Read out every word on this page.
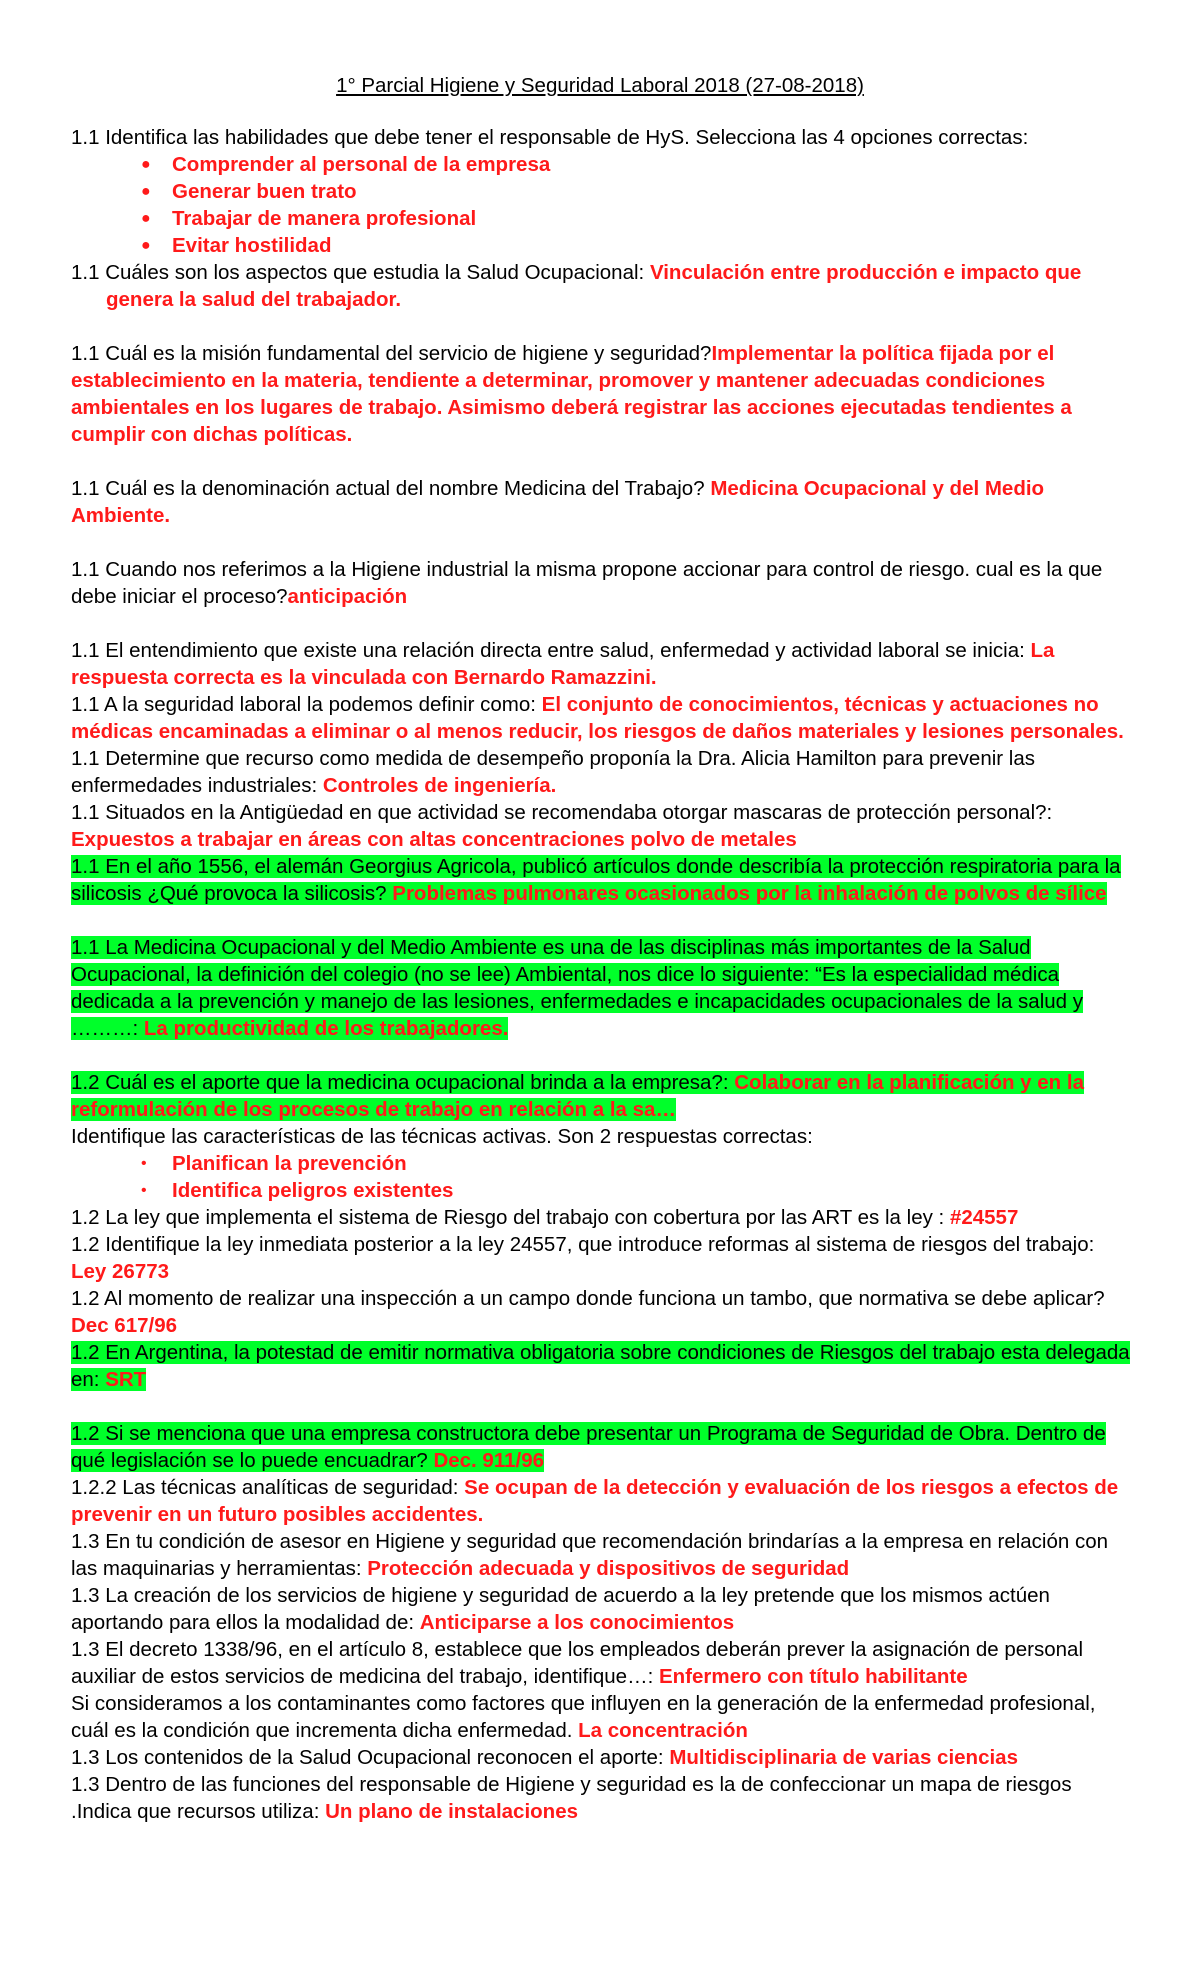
1° Parcial Higiene y Seguridad Laboral 2018 (27-08-2018)

1.1 Identifica las habilidades que debe tener el responsable de HyS. Selecciona las 4 opciones correctas:

● Comprender al personal de la empresa
● Generar buen trato
● Trabajar de manera profesional
● Evitar hostilidad

1.1 Cuáles son los aspectos que estudia la Salud Ocupacional: Vinculación entre producción e impacto que genera la salud del trabajador.

1.1 Cuál es la misión fundamental del servicio de higiene y seguridad?Implementar la política fijada por el establecimiento en la materia, tendiente a determinar, promover y mantener adecuadas condiciones ambientales en los lugares de trabajo. Asimismo deberá registrar las acciones ejecutadas tendientes a cumplir con dichas políticas.

1.1 Cuál es la denominación actual del nombre Medicina del Trabajo? Medicina Ocupacional y del Medio Ambiente.

1.1 Cuando nos referimos a la Higiene industrial la misma propone accionar para control de riesgo. cual es la que debe iniciar el proceso?anticipación

1.1 El entendimiento que existe una relación directa entre salud, enfermedad y actividad laboral se inicia: La respuesta correcta es la vinculada con Bernardo Ramazzini.

1.1 A la seguridad laboral la podemos definir como: El conjunto de conocimientos, técnicas y actuaciones no médicas encaminadas a eliminar o al menos reducir, los riesgos de daños materiales y lesiones personales.

1.1 Determine que recurso como medida de desempeño proponía la Dra. Alicia Hamilton para prevenir las enfermedades industriales: Controles de ingeniería.

1.1 Situados en la Antigüedad en que actividad se recomendaba otorgar mascaras de protección personal?: Expuestos a trabajar en áreas con altas concentraciones polvo de metales

1.1 En el año 1556, el alemán Georgius Agricola, publicó artículos donde describía la protección respiratoria para la silicosis ¿Qué provoca la silicosis? Problemas pulmonares ocasionados por la inhalación de polvos de sílice

1.1 La Medicina Ocupacional y del Medio Ambiente es una de las disciplinas más importantes de la Salud Ocupacional, la definición del colegio (no se lee) Ambiental, nos dice lo siguiente: “Es la especialidad médica dedicada a la prevención y manejo de las lesiones, enfermedades e incapacidades ocupacionales de la salud y ………: La productividad de los trabajadores.

1.2 Cuál es el aporte que la medicina ocupacional brinda a la empresa?: Colaborar en la planificación y en la reformulación de los procesos de trabajo en relación a la sa…

Identifique las características de las técnicas activas. Son 2 respuestas correctas:

• Planifican la prevención
• Identifica peligros existentes

1.2 La ley que implementa el sistema de Riesgo del trabajo con cobertura por las ART es la ley : #24557

1.2 Identifique la ley inmediata posterior a la ley 24557, que introduce reformas al sistema de riesgos del trabajo: Ley 26773

1.2 Al momento de realizar una inspección a un campo donde funciona un tambo, que normativa se debe aplicar? Dec 617/96

1.2 En Argentina, la potestad de emitir normativa obligatoria sobre condiciones de Riesgos del trabajo esta delegada en: SRT

1.2 Si se menciona que una empresa constructora debe presentar un Programa de Seguridad de Obra. Dentro de qué legislación se lo puede encuadrar? Dec. 911/96

1.2.2 Las técnicas analíticas de seguridad: Se ocupan de la detección y evaluación de los riesgos a efectos de prevenir en un futuro posibles accidentes.

1.3 En tu condición de asesor en Higiene y seguridad que recomendación brindarías a la empresa en relación con las maquinarias y herramientas: Protección adecuada y dispositivos de seguridad

1.3 La creación de los servicios de higiene y seguridad de acuerdo a la ley pretende que los mismos actúen aportando para ellos la modalidad de: Anticiparse a los conocimientos

1.3 El decreto 1338/96, en el artículo 8, establece que los empleados deberán prever la asignación de personal auxiliar de estos servicios de medicina del trabajo, identifique…: Enfermero con título habilitante

Si consideramos a los contaminantes como factores que influyen en la generación de la enfermedad profesional, cuál es la condición que incrementa dicha enfermedad. La concentración

1.3 Los contenidos de la Salud Ocupacional reconocen el aporte: Multidisciplinaria de varias ciencias

1.3 Dentro de las funciones del responsable de Higiene y seguridad es la de confeccionar un mapa de riesgos .Indica que recursos utiliza: Un plano de instalaciones
